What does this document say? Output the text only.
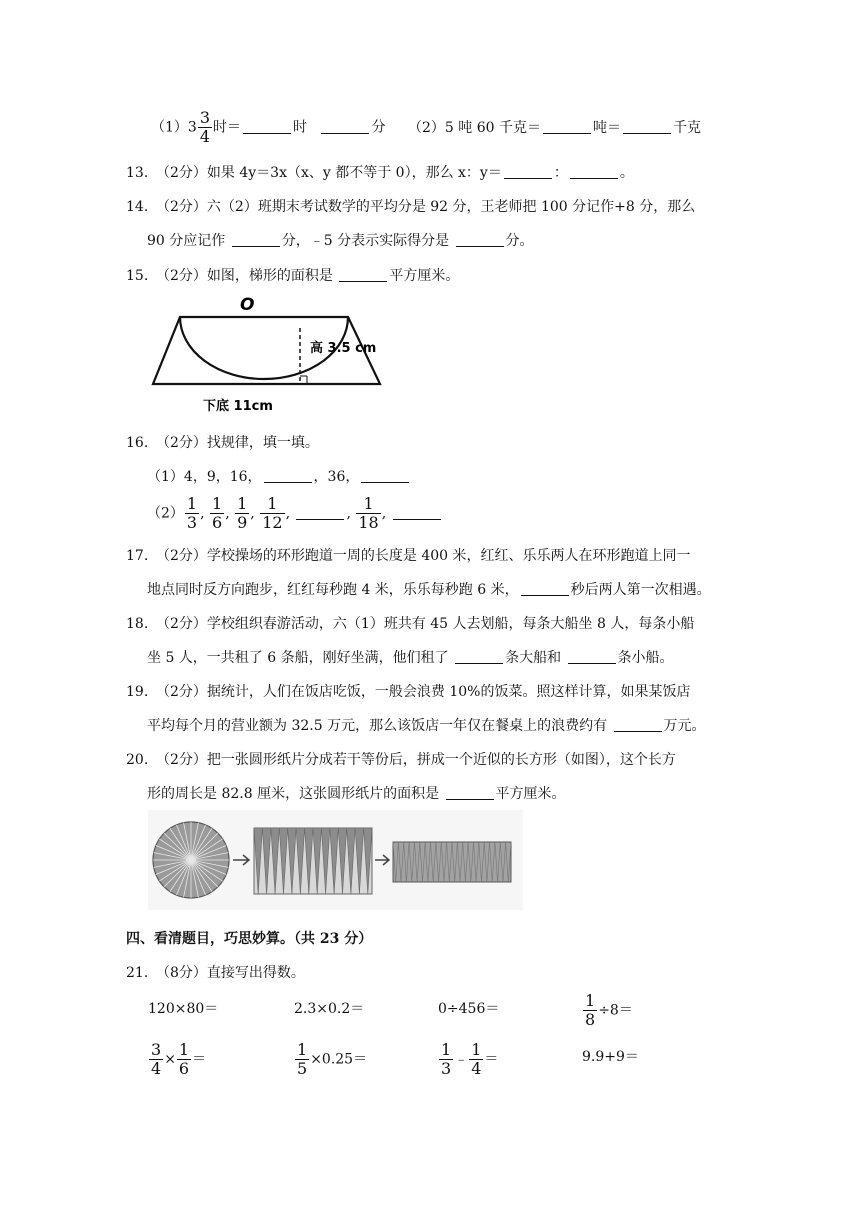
$(1)3 \frac{3}{4}$ 时＝	时	分 （2）5 吨 60 千克＝	吨＝	千克
13. （2分）如果 4y＝3x（x、y 都不等于 0），那么 x：y＝	：	。
14. （2分）六（2）班期末考试数学的平均分是 92 分，王老师把 100 分记作+8 分，那么
90 分应记作	分，﹣5 分表示实际得分是	分。
15. （2分）如图，梯形的面积是	平方厘米。
O
高 3.5 cm
下底 11cm
16. （2分）找规律，填一填。
（1）4，9，16，	，36，
$(2) \frac{1}{3}$ , $\frac{1}{6}$ , $\frac{1}{9}$ , $\frac{1}{12}$ ,	, $\frac{1}{18}$ ,
17. （2分）学校操场的环形跑道一周的长度是 400 米，红红、乐乐两人在环形跑道上同一
地点同时反方向跑步，红红每秒跑 4 米，乐乐每秒跑 6 米，	秒后两人第一次相遇。
18. （2分）学校组织春游活动，六（1）班共有 45 人去划船，每条大船坐 8 人，每条小船
坐 5 人，一共租了 6 条船，刚好坐满，他们租了	条大船和	条小船。
19. （2分）据统计，人们在饭店吃饭，一般会浪费 10%的饭菜。照这样计算，如果某饭店
平均每个月的营业额为 32.5 万元，那么该饭店一年仅在餐桌上的浪费约有	万元。
20. （2分）把一张圆形纸片分成若干等份后，拼成一个近似的长方形（如图），这个长方
形的周长是 82.8 厘米，这张圆形纸片的面积是	平方厘米。
四、看清题目，巧思妙算。（共 23 分）
21. （8分）直接写出得数。
120×80＝	2.3×0.2＝	0÷456＝	$\frac{1}{8} \div 8=$
$\frac{3}{4} \times \frac{1}{6}$ ＝	$\frac{1}{5} \times 0.25=$	$\frac{1}{3}$ ﹣ $\frac{1}{4}$ ＝	9.9+9＝
